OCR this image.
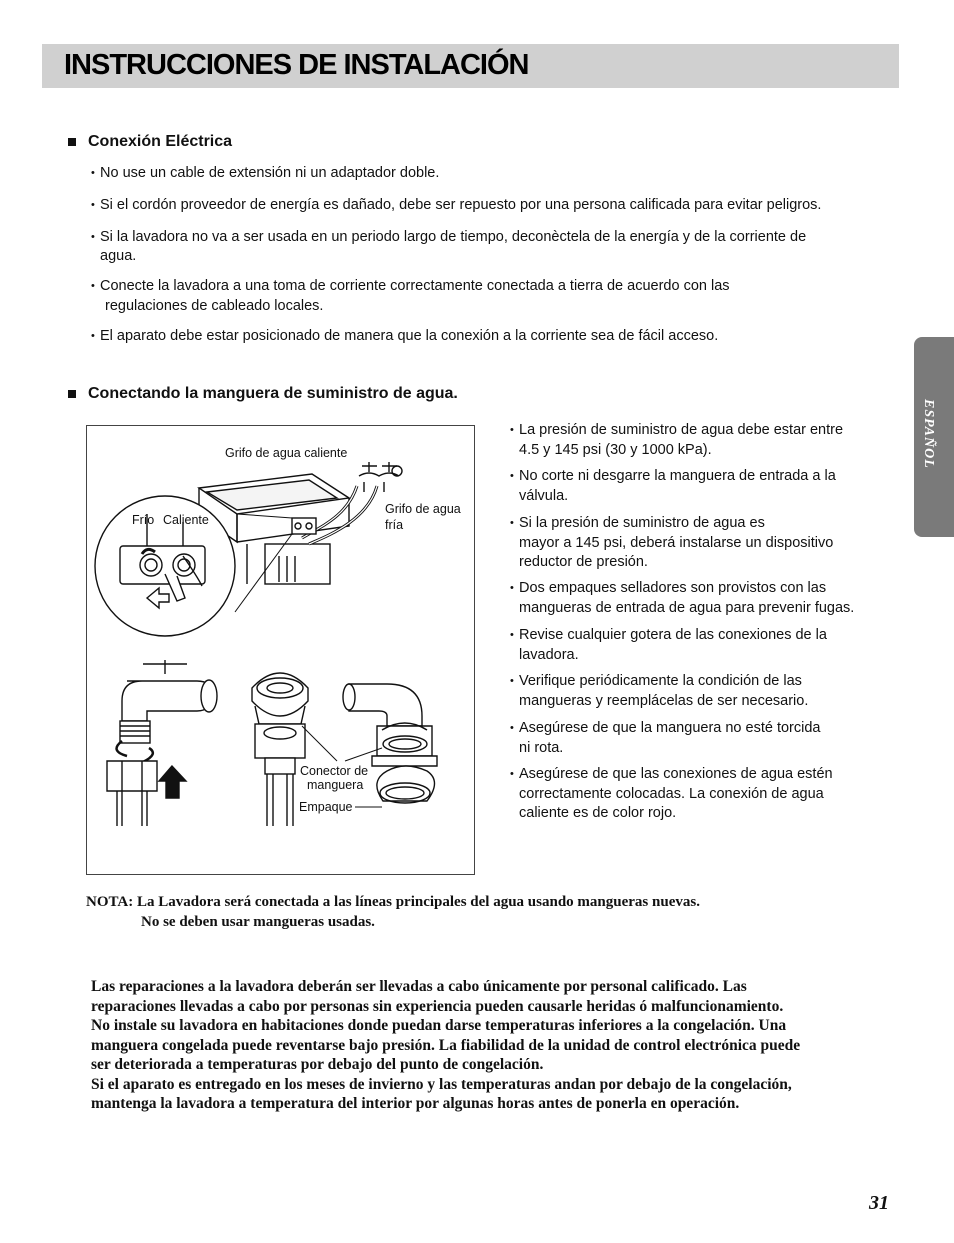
INSTRUCCIONES DE INSTALACIÓN
ESPAÑOL
Conexión Eléctrica
• No use un cable de extensión ni un adaptador doble.
• Si el cordón proveedor de energía es dañado, debe ser repuesto por una persona calificada para evitar peligros.
• Si la lavadora no va a ser usada en un periodo largo de tiempo, deconèctela de la energía y de la corriente de
agua.
• Conecte la lavadora a una toma de corriente correctamente conectada a tierra de acuerdo con las
regulaciones de cableado locales.
• El aparato debe estar posicionado de manera que la conexión a la corriente sea de fácil acceso.
Conectando la manguera de suministro de agua.
• La presión de suministro de agua debe estar entre
4.5 y 145 psi (30 y 1000 kPa).
• No corte ni desgarre la manguera de entrada a la
válvula.
• Si la presión de suministro de agua es
mayor a 145 psi, deberá instalarse un dispositivo
reductor de presión.
• Dos empaques selladores son provistos con las
mangueras de entrada de agua para prevenir fugas.
• Revise cualquier gotera de las conexiones de la
lavadora.
• Verifique periódicamente la condición de las
mangueras y reemplácelas de ser necesario.
• Asegúrese de que la manguera no esté torcida
ni rota.
• Asegúrese de que las conexiones de agua estén
correctamente colocadas. La conexión de agua
caliente es de color rojo.
Grifo de agua caliente
Grifo de agua
fría
Frío Caliente
Conector de
manguera
Empaque
NOTA: La Lavadora será conectada a las líneas principales del agua usando mangueras nuevas.
No se deben usar mangueras usadas.
Las reparaciones a la lavadora deberán ser llevadas a cabo únicamente por personal calificado. Las
reparaciones llevadas a cabo por personas sin experiencia pueden causarle heridas ó malfuncionamiento.
No instale su lavadora en habitaciones donde puedan darse temperaturas inferiores a la congelación. Una
manguera congelada puede reventarse bajo presión. La fiabilidad de la unidad de control electrónica puede
ser deteriorada a temperaturas por debajo del punto de congelación.
Si el aparato es entregado en los meses de invierno y las temperaturas andan por debajo de la congelación,
mantenga la lavadora a temperatura del interior por algunas horas antes de ponerla en operación.
31
